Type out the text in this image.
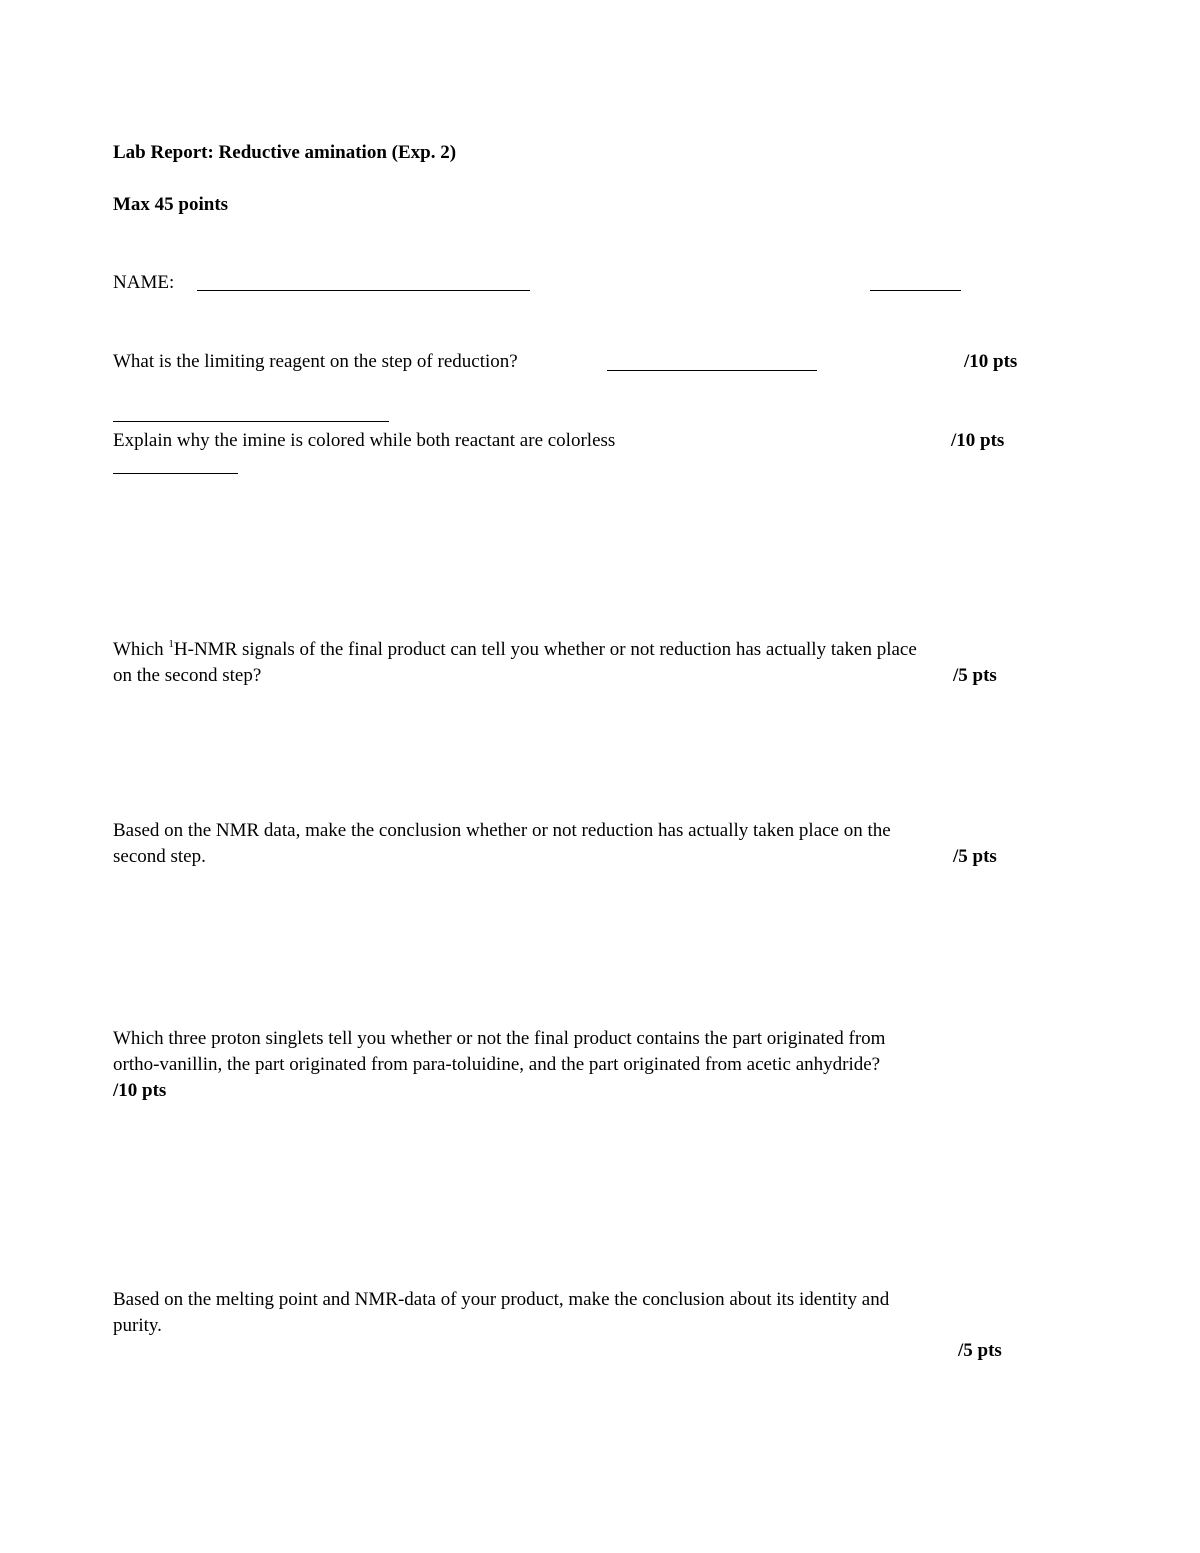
Lab Report: Reductive amination (Exp. 2)
Max 45 points
NAME:
What is the limiting reagent on the step of reduction?	/10 pts
Explain why the imine is colored while both reactant are colorless	/10 pts
Which $^1$H-NMR signals of the final product can tell you whether or not reduction has actually taken place
on the second step?	/5 pts
Based on the NMR data, make the conclusion whether or not reduction has actually taken place on the
second step.	/5 pts
Which three proton singlets tell you whether or not the final product contains the part originated from
ortho-vanillin, the part originated from para-toluidine, and the part originated from acetic anhydride?
/10 pts
Based on the melting point and NMR-data of your product, make the conclusion about its identity and
purity.
/5 pts
